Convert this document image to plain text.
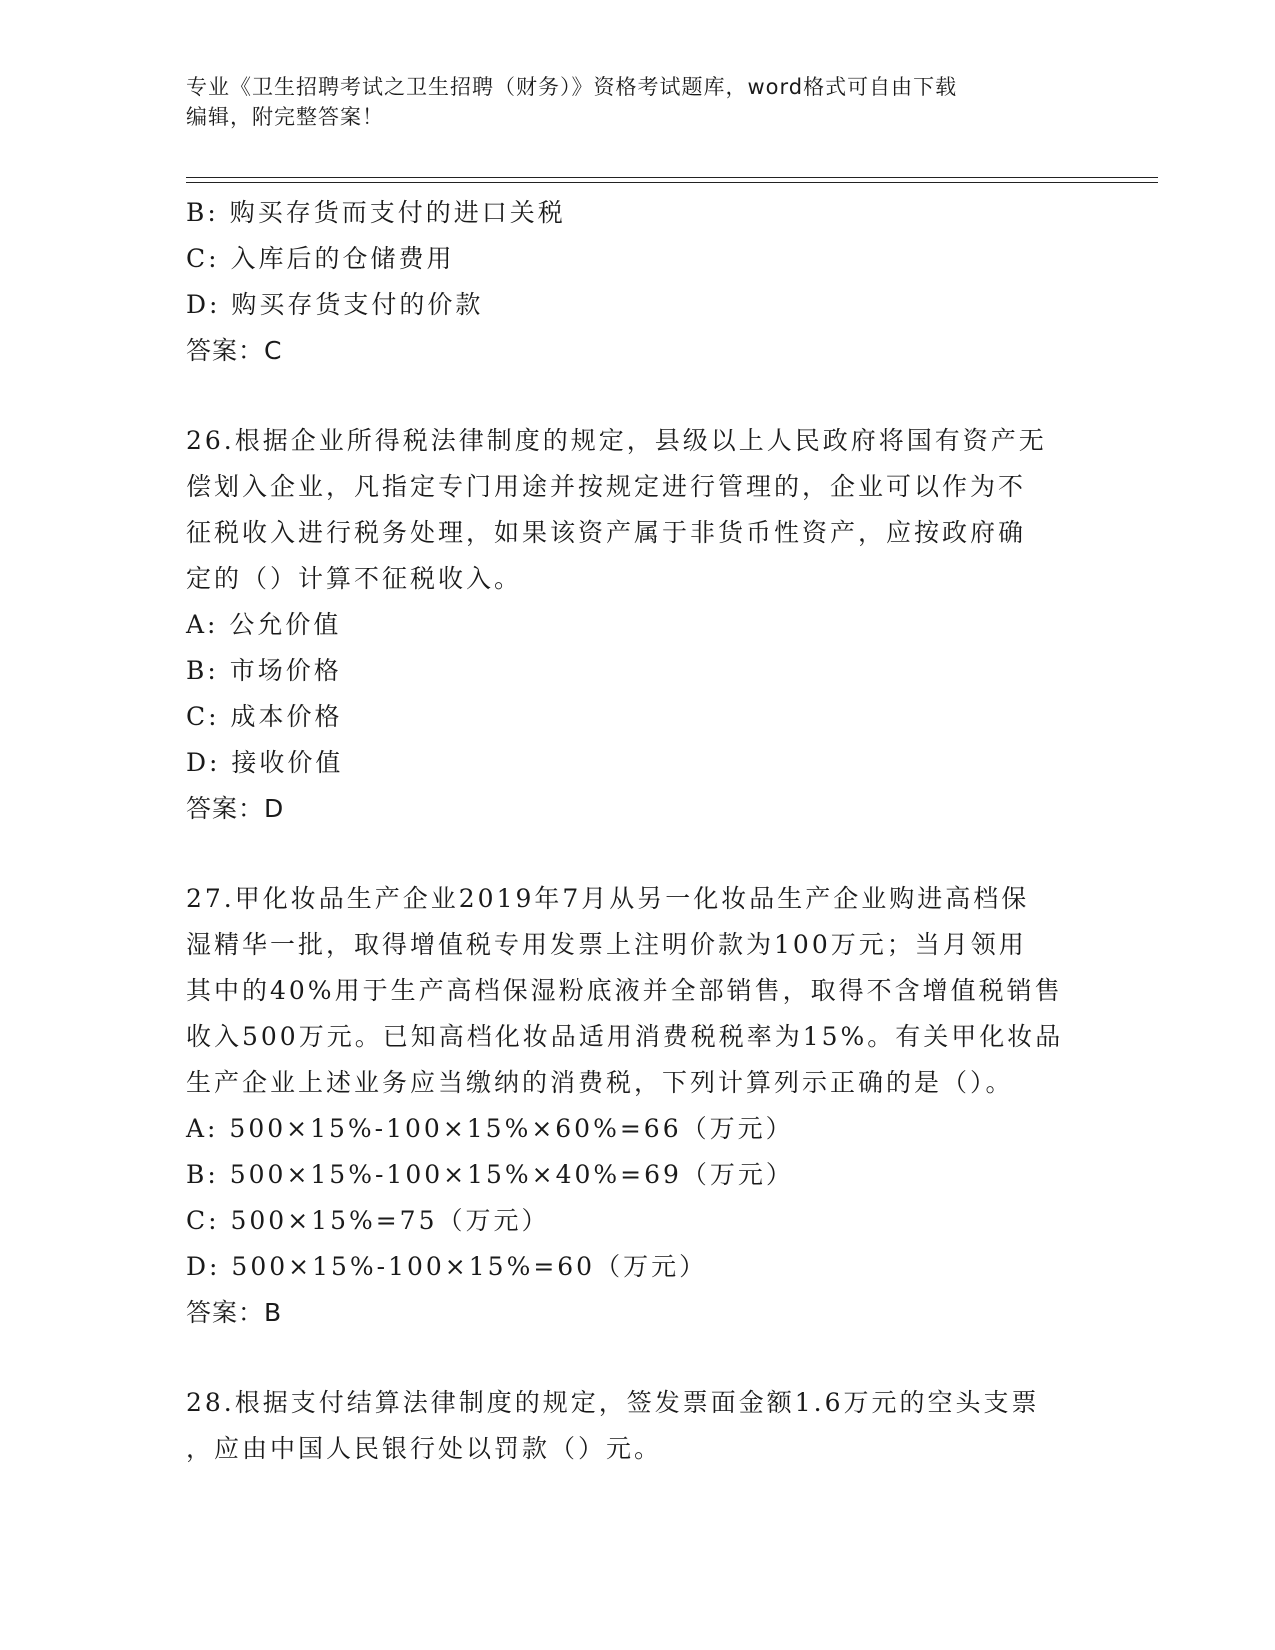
专业《卫生招聘考试之卫生招聘（财务）》资格考试题库，word格式可自由下载
编辑，附完整答案！
B: 购买存货而支付的进口关税
C: 入库后的仓储费用
D: 购买存货支付的价款
答案：C
26.根据企业所得税法律制度的规定，县级以上人民政府将国有资产无
偿划入企业，凡指定专门用途并按规定进行管理的，企业可以作为不
征税收入进行税务处理，如果该资产属于非货币性资产，应按政府确
定的（）计算不征税收入。
A: 公允价值
B: 市场价格
C: 成本价格
D: 接收价值
答案：D
27.甲化妆品生产企业2019年7月从另一化妆品生产企业购进高档保
湿精华一批，取得增值税专用发票上注明价款为100万元；当月领用
其中的40%用于生产高档保湿粉底液并全部销售，取得不含增值税销售
收入500万元。已知高档化妆品适用消费税税率为15%。有关甲化妆品
生产企业上述业务应当缴纳的消费税，下列计算列示正确的是（）。
A: 500×15%-100×15%×60%=66（万元）
B: 500×15%-100×15%×40%=69（万元）
C: 500×15%=75（万元）
D: 500×15%-100×15%=60（万元）
答案：B
28.根据支付结算法律制度的规定，签发票面金额1.6万元的空头支票
，应由中国人民银行处以罚款（）元。
